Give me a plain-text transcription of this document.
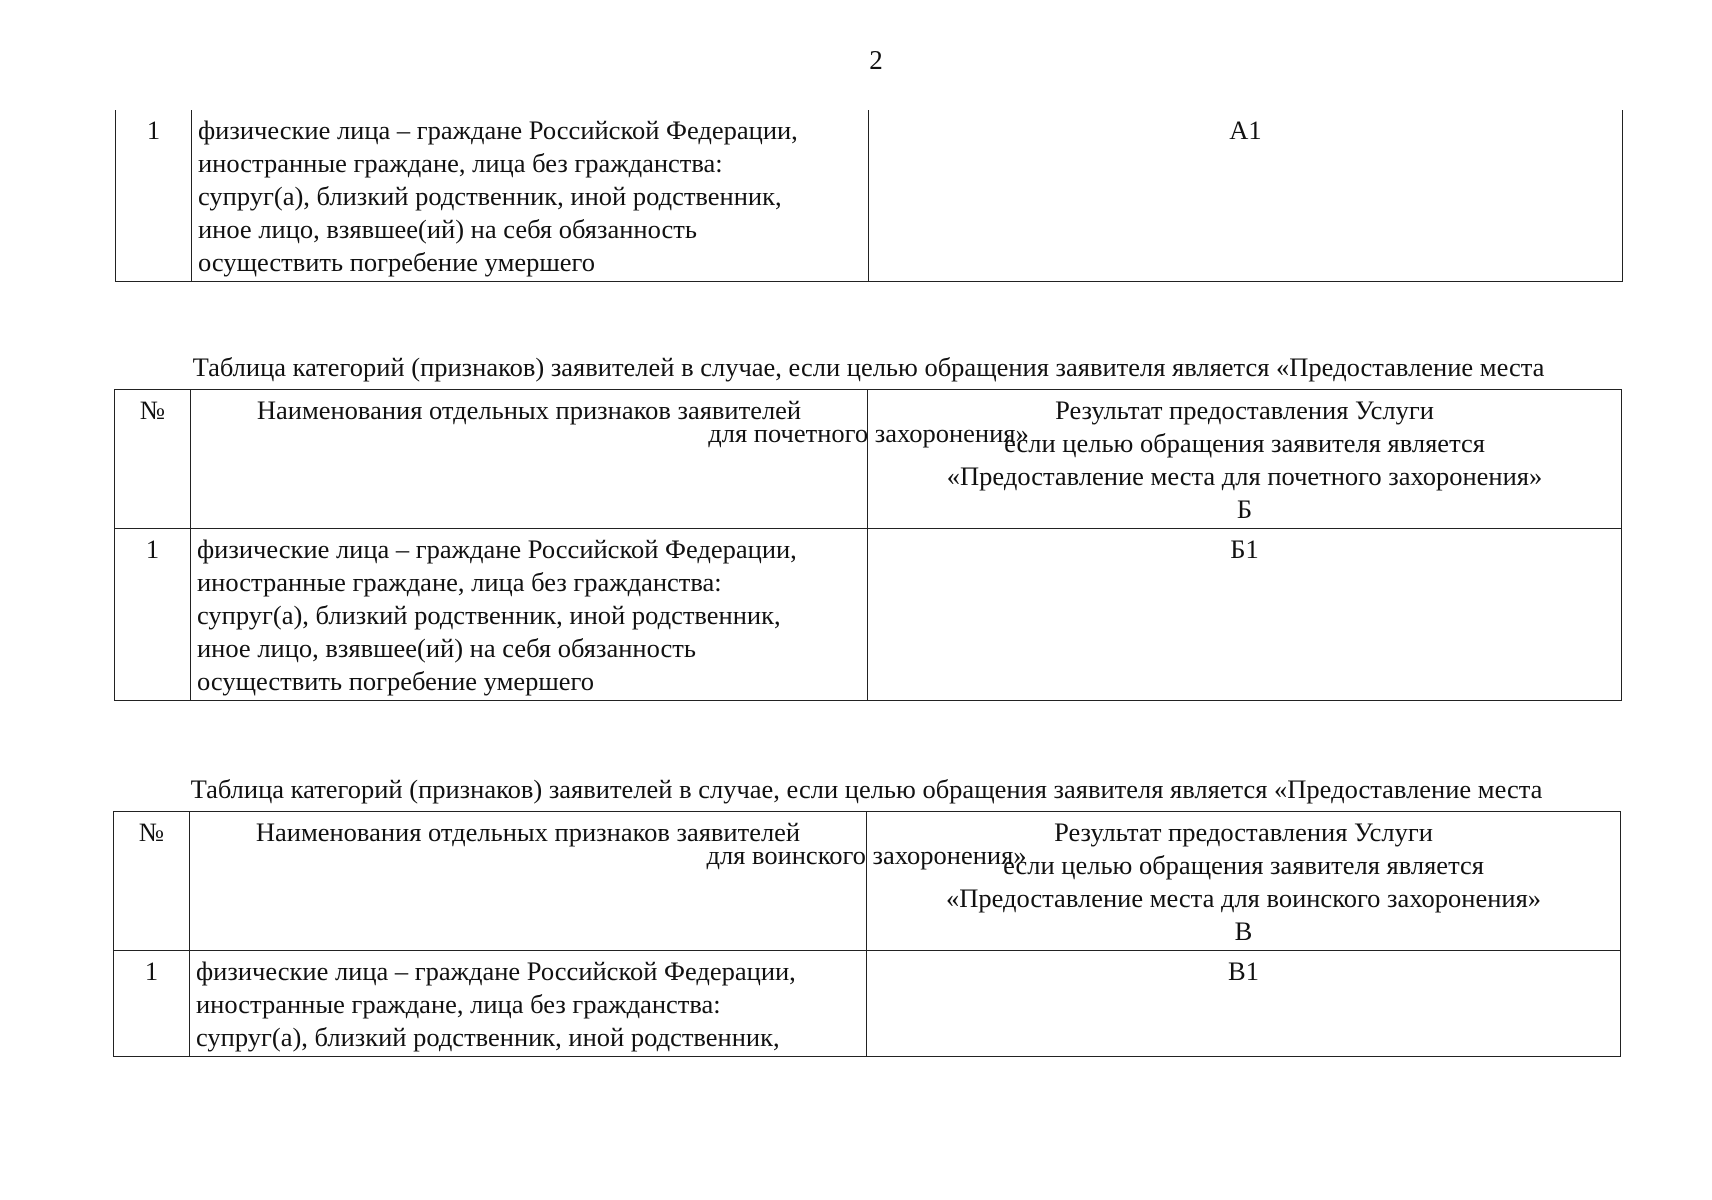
2
1	физические лица – граждане Российской Федерации,
иностранные граждане, лица без гражданства:
супруг(а), близкий родственник, иной родственник,
иное лицо, взявшее(ий) на себя обязанность
осуществить погребение умершего
	А1

Таблица категорий (признаков) заявителей в случае, если целью обращения заявителя является «Предоставление места

для почетного захоронения»

№	Наименования отдельных признаков заявителей	Результат предоставления Услуги
если целью обращения заявителя является
«Предоставление места для почетного захоронения»
Б

1	физические лица – граждане Российской Федерации,
иностранные граждане, лица без гражданства:
супруг(а), близкий родственник, иной родственник,
иное лицо, взявшее(ий) на себя обязанность
осуществить погребение умершего	Б1

Таблица категорий (признаков) заявителей в случае, если целью обращения заявителя является «Предоставление места

для воинского захоронения»

№	Наименования отдельных признаков заявителей	Результат предоставления Услуги
если целью обращения заявителя является
«Предоставление места для воинского захоронения»
В

1	физические лица – граждане Российской Федерации,
иностранные граждане, лица без гражданства:
супруг(а), близкий родственник, иной родственник,	В1
